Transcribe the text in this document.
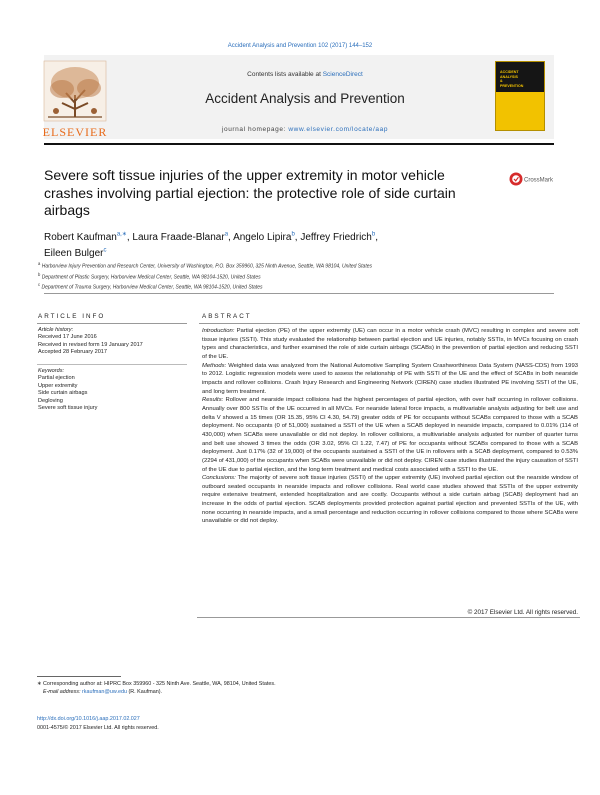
Accident Analysis and Prevention 102 (2017) 144–152
ELSEVIER
Contents lists available at ScienceDirect
Accident Analysis and Prevention
journal homepage: www.elsevier.com/locate/aap
ACCIDENT
ANALYSIS
&
PREVENTION
Severe soft tissue injuries of the upper extremity in motor vehicle crashes involving partial ejection: the protective role of side curtain airbags
CrossMark
Robert Kaufman$^{a,∗}$, Laura Fraade-Blanar$^a$, Angelo Lipira$^b$, Jeffrey Friedrich$^b$,
Eileen Bulger$^c$
$^a$ Harborview Injury Prevention and Research Center, University of Washington, P.O. Box 359960, 325 Ninth Avenue, Seattle, WA 98104, United States
$^b$ Department of Plastic Surgery, Harborview Medical Center, Seattle, WA 98104-1520, United States
$^c$ Department of Trauma Surgery, Harborview Medical Center, Seattle, WA 98104-1520, United States
ARTICLE INFO
Article history:
Received 17 June 2016
Received in revised form 19 January 2017
Accepted 28 February 2017
Keywords:
Partial ejection
Upper extremity
Side curtain airbags
Degloving
Severe soft tissue injury
ABSTRACT

Introduction: Partial ejection (PE) of the upper extremity (UE) can occur in a motor vehicle crash (MVC) resulting in complex and severe soft tissue injuries (SSTI). This study evaluated the relationship between partial ejection and UE injuries, notably SSTIs, in MVCs focusing on crash types and characteristics, and further examined the role of side curtain airbags (SCABs) in the prevention of partial ejection and reducing SSTI of the UE.

Methods: Weighted data was analyzed from the National Automotive Sampling System Crashworthiness Data System (NASS-CDS) from 1993 to 2012. Logistic regression models were used to assess the relationship of PE with SSTI of the UE and the effect of SCABs in both nearside impacts and rollover collisions. Crash Injury Research and Engineering Network (CIREN) case studies illustrated PE involving SSTI of the UE, and long term treatment.

Results: Rollover and nearside impact collisions had the highest percentages of partial ejection, with over half occurring in rollover collisions. Annually over 800 SSTIs of the UE occurred in all MVCs. For nearside lateral force impacts, a multivariable analysis adjusting for belt use and delta V showed a 15 times (OR 15.35, 95% CI 4.30, 54.79) greater odds of PE for occupants without SCABs compared to those with a SCAB deployment. No occupants (0 of 51,000) sustained a SSTI of the UE when a SCAB deployed in nearside impacts, compared to 0.01% (114 of 430,000) when SCABs were unavailable or did not deploy. In rollover collisions, a multivariable analysis adjusted for number of quarter turns and belt use showed 3 times the odds (OR 3.02, 95% CI 1.22, 7.47) of PE for occupants without SCABs compared to those with a SCAB deployment. Just 0.17% (32 of 19,000) of the occupants sustained a SSTI of the UE in rollovers with a SCAB deployment, compared to 0.53% (2294 of 431,000) of the occupants when SCABs were unavailable or did not deploy. CIREN case studies illustrated the injury causation of SSTI of the UE due to partial ejection, and the long term treatment and medical costs associated with a SSTI to the UE.

Conclusions: The majority of severe soft tissue injuries (SSTI) of the upper extremity (UE) involved partial ejection out the nearside window of outboard seated occupants in nearside impacts and rollover collisions. Real world case studies showed that SSTIs of the upper extremity require extensive treatment, extended hospitalization and are costly. Occupants without a side curtain airbag (SCAB) deployment had an increase in the odds of partial ejection. SCAB deployments provided protection against partial ejection and prevented SSTIs of the UE, with none occurring in nearside impacts, and a small percentage and reduction occurring in rollover collisions compared to those where SCABs were unavailable or did not deploy.

© 2017 Elsevier Ltd. All rights reserved.
∗ Corresponding author at: HIPRC Box 359960 - 325 Ninth Ave. Seattle, WA, 98104, United States.
E-mail address: rkaufman@uw.edu (R. Kaufman).
http://dx.doi.org/10.1016/j.aap.2017.02.027
0001-4575/© 2017 Elsevier Ltd. All rights reserved.
